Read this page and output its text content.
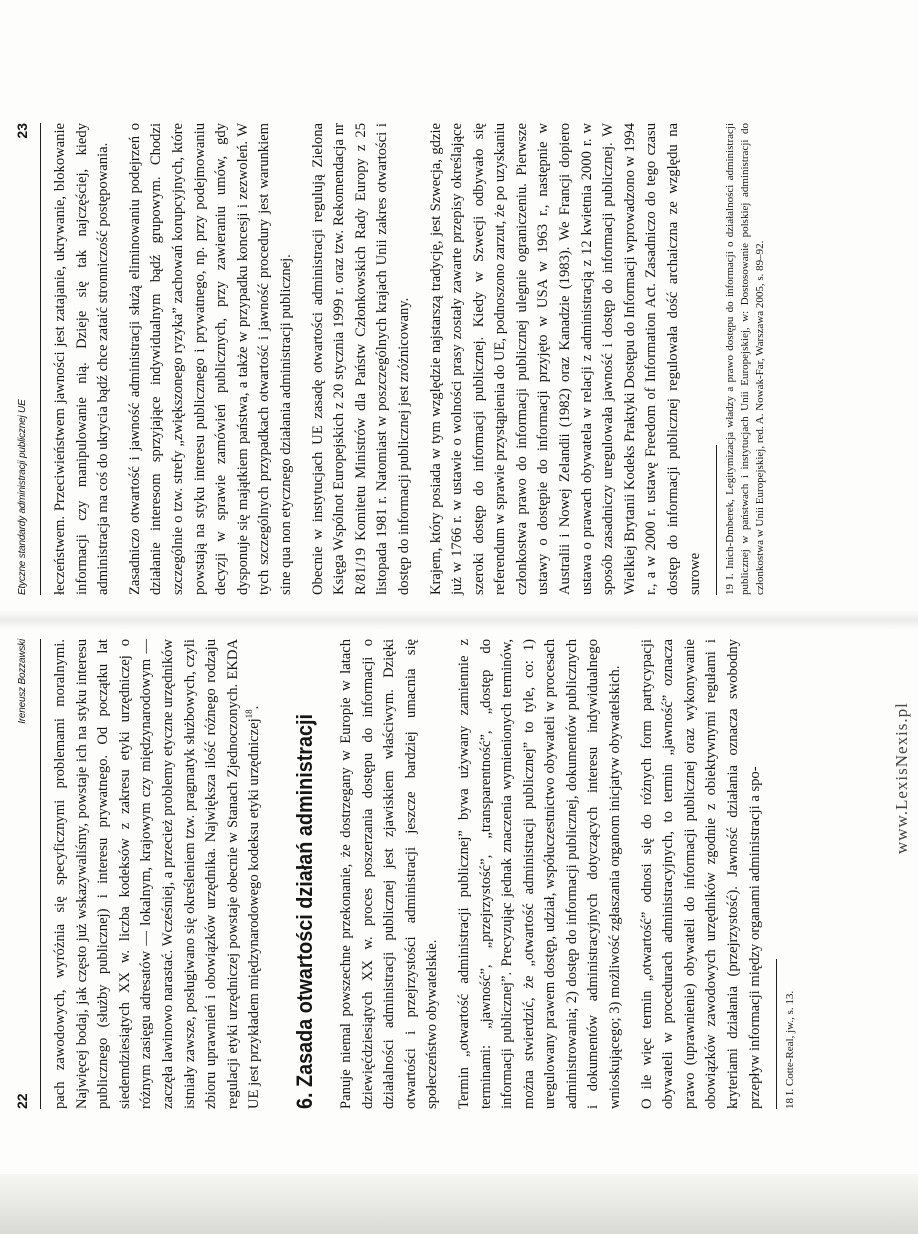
22
Ireneusz Bozzawski pach zawodowych, wyróżnia się specyficznymi problemami moralnymi. Najwięcej bodaj, jak często już wskazywaliśmy, powstaje ich na styku interesu publicznego (służby publicznej) i interesu prywatnego. Od początku lat siedemdziesiątych XX w. liczba kodeksów z zakresu etyki urzędniczej o różnym zasięgu adresatów — lokalnym, krajowym czy międzynarodowym — zaczęła lawinowo narastać. Wcześniej, a przecież problemy etyczne urzędników istniały zawsze, posługiwano się określeniem tzw. pragmatyk służbowych, czyli zbioru uprawnień i obowiązków urzędnika. Największa ilość różnego rodzaju regulacji etyki urzędniczej powstaje obecnie w Stanach Zjednoczonych. EKDA UE jest przykładem międzynarodowego kodeksu etyki urzędniczej$^{18}$.

6. Zasada otwartości działań administracji Panuje niemal powszechne przekonanie, że dostrzegany w Europie w latach dziewięćdziesiątych XX w. proces poszerzania dostępu do informacji o działalności administracji publicznej jest zjawiskiem właściwym. Dzięki otwartości i przejrzystości administracji jeszcze bardziej umacnia się społeczeństwo obywatelskie. Termin „otwartość administracji publicznej” bywa używany zamiennie z terminami: „jawność”, „przejrzystość”, „transparentność”, „dostęp do informacji publicznej”. Precyzując jednak znaczenia wymienionych terminów, można stwierdzić, że „otwartość administracji publicznej” to tyle, co: 1) uregulowany prawem dostęp, udział, współuczestnictwo obywateli w procesach administrowania; 2) dostęp do informacji publicznej, dokumentów publicznych i dokumentów administracyjnych dotyczących interesu indywidualnego wnioskującego; 3) możliwość zgłaszania organom inicjatyw obywatelskich. O ile więc termin „otwartość” odnosi się do różnych form partycypacji obywateli w procedurach administracyjnych, to termin „jawność” oznacza prawo (uprawnienie) obywateli do informacji publicznej oraz wykonywanie obowiązków zawodowych urzędników zgodnie z obiektywnymi regułami i kryteriami działania (przejrzystość). Jawność działania oznacza swobodny przepływ informacji między organami administracji a spo-	18 I. Cotte-Real, jw., s. 13.

www.LexisNexis.pl
Etyczne standardy administracji publicznej UE
23 łeczeństwem. Przeciwieństwem jawności jest zatajanie, ukrywanie, blokowanie informacji czy manipulowanie nią. Dzieje się tak najczęściej, kiedy administracja ma coś do ukrycia bądź chce zataić stronniczość postępowania. Zasadniczo otwartość i jawność administracji służą eliminowaniu podejrzeń o działanie interesom sprzyjające indywidualnym bądź grupowym. Chodzi szczególnie o tzw. strefy „zwiększonego ryzyka” zachowań korupcyjnych, które powstają na styku interesu publicznego i prywatnego, np. przy podejmowaniu decyzji w sprawie zamówień publicznych, przy zawieraniu umów, gdy dysponuje się majątkiem państwa, a także w przypadku koncesji i zezwoleń. W tych szczególnych przypadkach otwartość i jawność procedury jest warunkiem sine qua non etycznego działania administracji publicznej. Obecnie w instytucjach UE zasadę otwartości administracji regulują Zielona Księga Wspólnot Europejskich z 20 stycznia 1999 r. oraz tzw. Rekomendacja nr R/81/19 Komitetu Ministrów dla Państw Członkowskich Rady Europy z 25 listopada 1981 r. Natomiast w poszczególnych krajach Unii zakres otwartości i dostęp do informacji publicznej jest zróżnicowany. Krajem, który posiada w tym względzie najstarszą tradycję, jest Szwecja, gdzie już w 1766 r. w ustawie o wolności prasy zostały zawarte przepisy określające szeroki dostęp do informacji publicznej. Kiedy w Szwecji odbywało się referendum w sprawie przystąpienia do UE, podnoszono zarzut, że po uzyskaniu członkostwa prawo do informacji publicznej ulegnie ograniczeniu. Pierwsze ustawy o dostępie do informacji przyjęto w USA w 1963 r., następnie w Australii i Nowej Zelandii (1982) oraz Kanadzie (1983). We Francji dopiero ustawa o prawach obywatela w relacji z administracją z 12 kwietnia 2000 r. w sposób zasadniczy uregulowała jawność i dostęp do informacji publicznej. W Wielkiej Brytanii Kodeks Praktyki Dostępu do Informacji wprowadzono w 1994 r., a w 2000 r. ustawę Freedom of Information Act. Zasadniczo do tego czasu dostęp do informacji publicznej regulowała dość archaiczna ze względu na surowe	19 I. Inich-Dmberek, Legitymizacja władzy a prawo dostępu do informacji o działalności administracji publicznej w państwach i instytucjach Unii Europejskiej, w: Dostosowanie polskiej administracji do członkostwa w Unii Europejskiej, red. A. Nowak-Far, Warszawa 2005, s. 89–92.
